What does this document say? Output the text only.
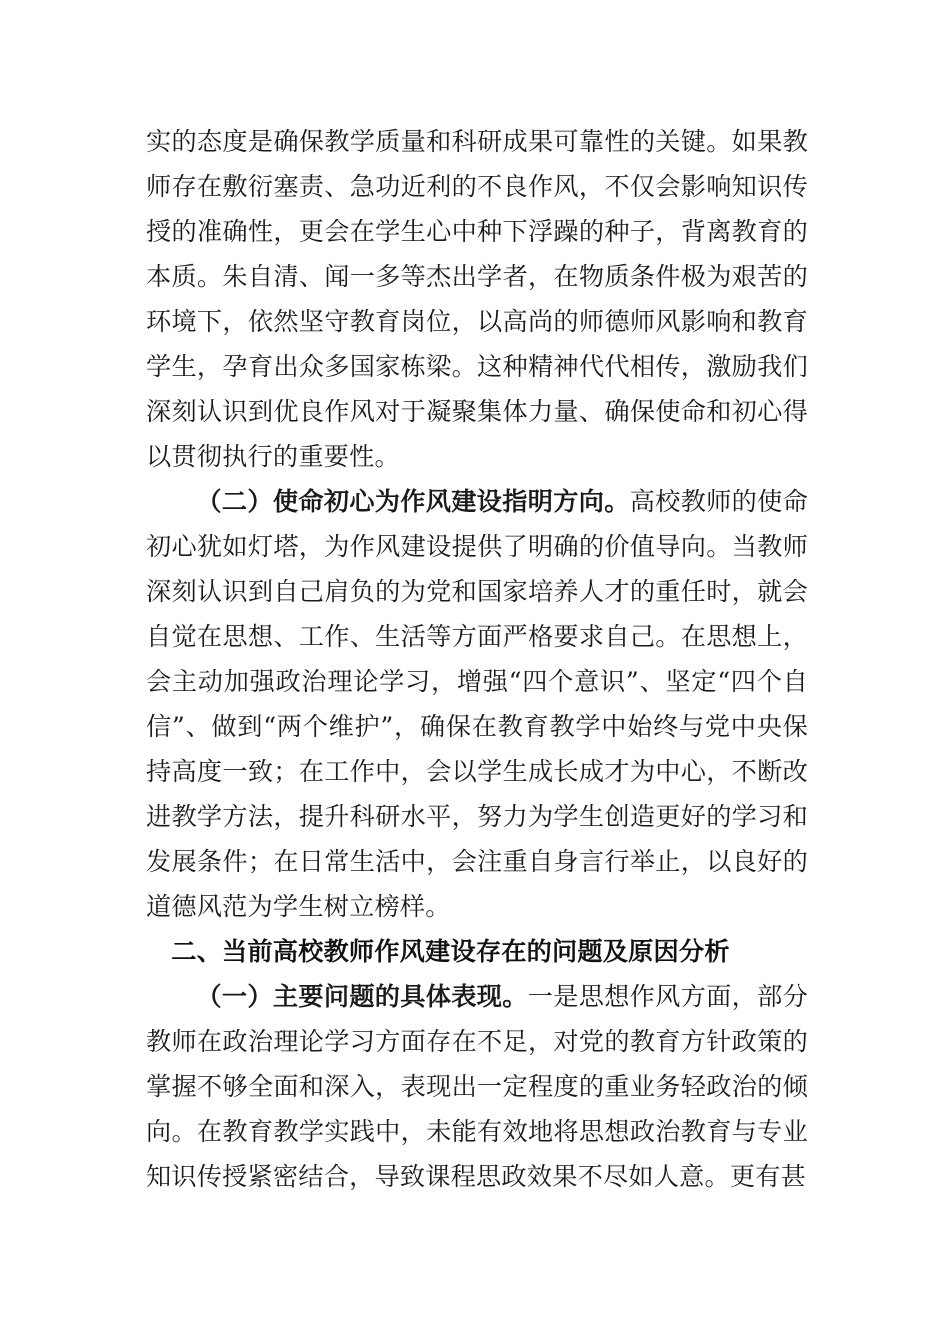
实的态度是确保教学质量和科研成果可靠性的关键。如果教师存在敷衍塞责、急功近利的不良作风，不仅会影响知识传授的准确性，更会在学生心中种下浮躁的种子，背离教育的本质。朱自清、闻一多等杰出学者，在物质条件极为艰苦的环境下，依然坚守教育岗位，以高尚的师德师风影响和教育学生，孕育出众多国家栋梁。这种精神代代相传，激励我们深刻认识到优良作风对于凝聚集体力量、确保使命和初心得以贯彻执行的重要性。

（二）使命初心为作风建设指明方向。高校教师的使命初心犹如灯塔，为作风建设提供了明确的价值导向。当教师深刻认识到自己肩负的为党和国家培养人才的重任时，就会自觉在思想、工作、生活等方面严格要求自己。在思想上，会主动加强政治理论学习，增强“四个意识”、坚定“四个自信”、做到“两个维护”，确保在教育教学中始终与党中央保持高度一致；在工作中，会以学生成长成才为中心，不断改进教学方法，提升科研水平，努力为学生创造更好的学习和发展条件；在日常生活中，会注重自身言行举止，以良好的道德风范为学生树立榜样。

二、当前高校教师作风建设存在的问题及原因分析

（一）主要问题的具体表现。一是思想作风方面，部分教师在政治理论学习方面存在不足，对党的教育方针政策的掌握不够全面和深入，表现出一定程度的重业务轻政治的倾向。在教育教学实践中，未能有效地将思想政治教育与专业知识传授紧密结合，导致课程思政效果不尽如人意。更有甚
